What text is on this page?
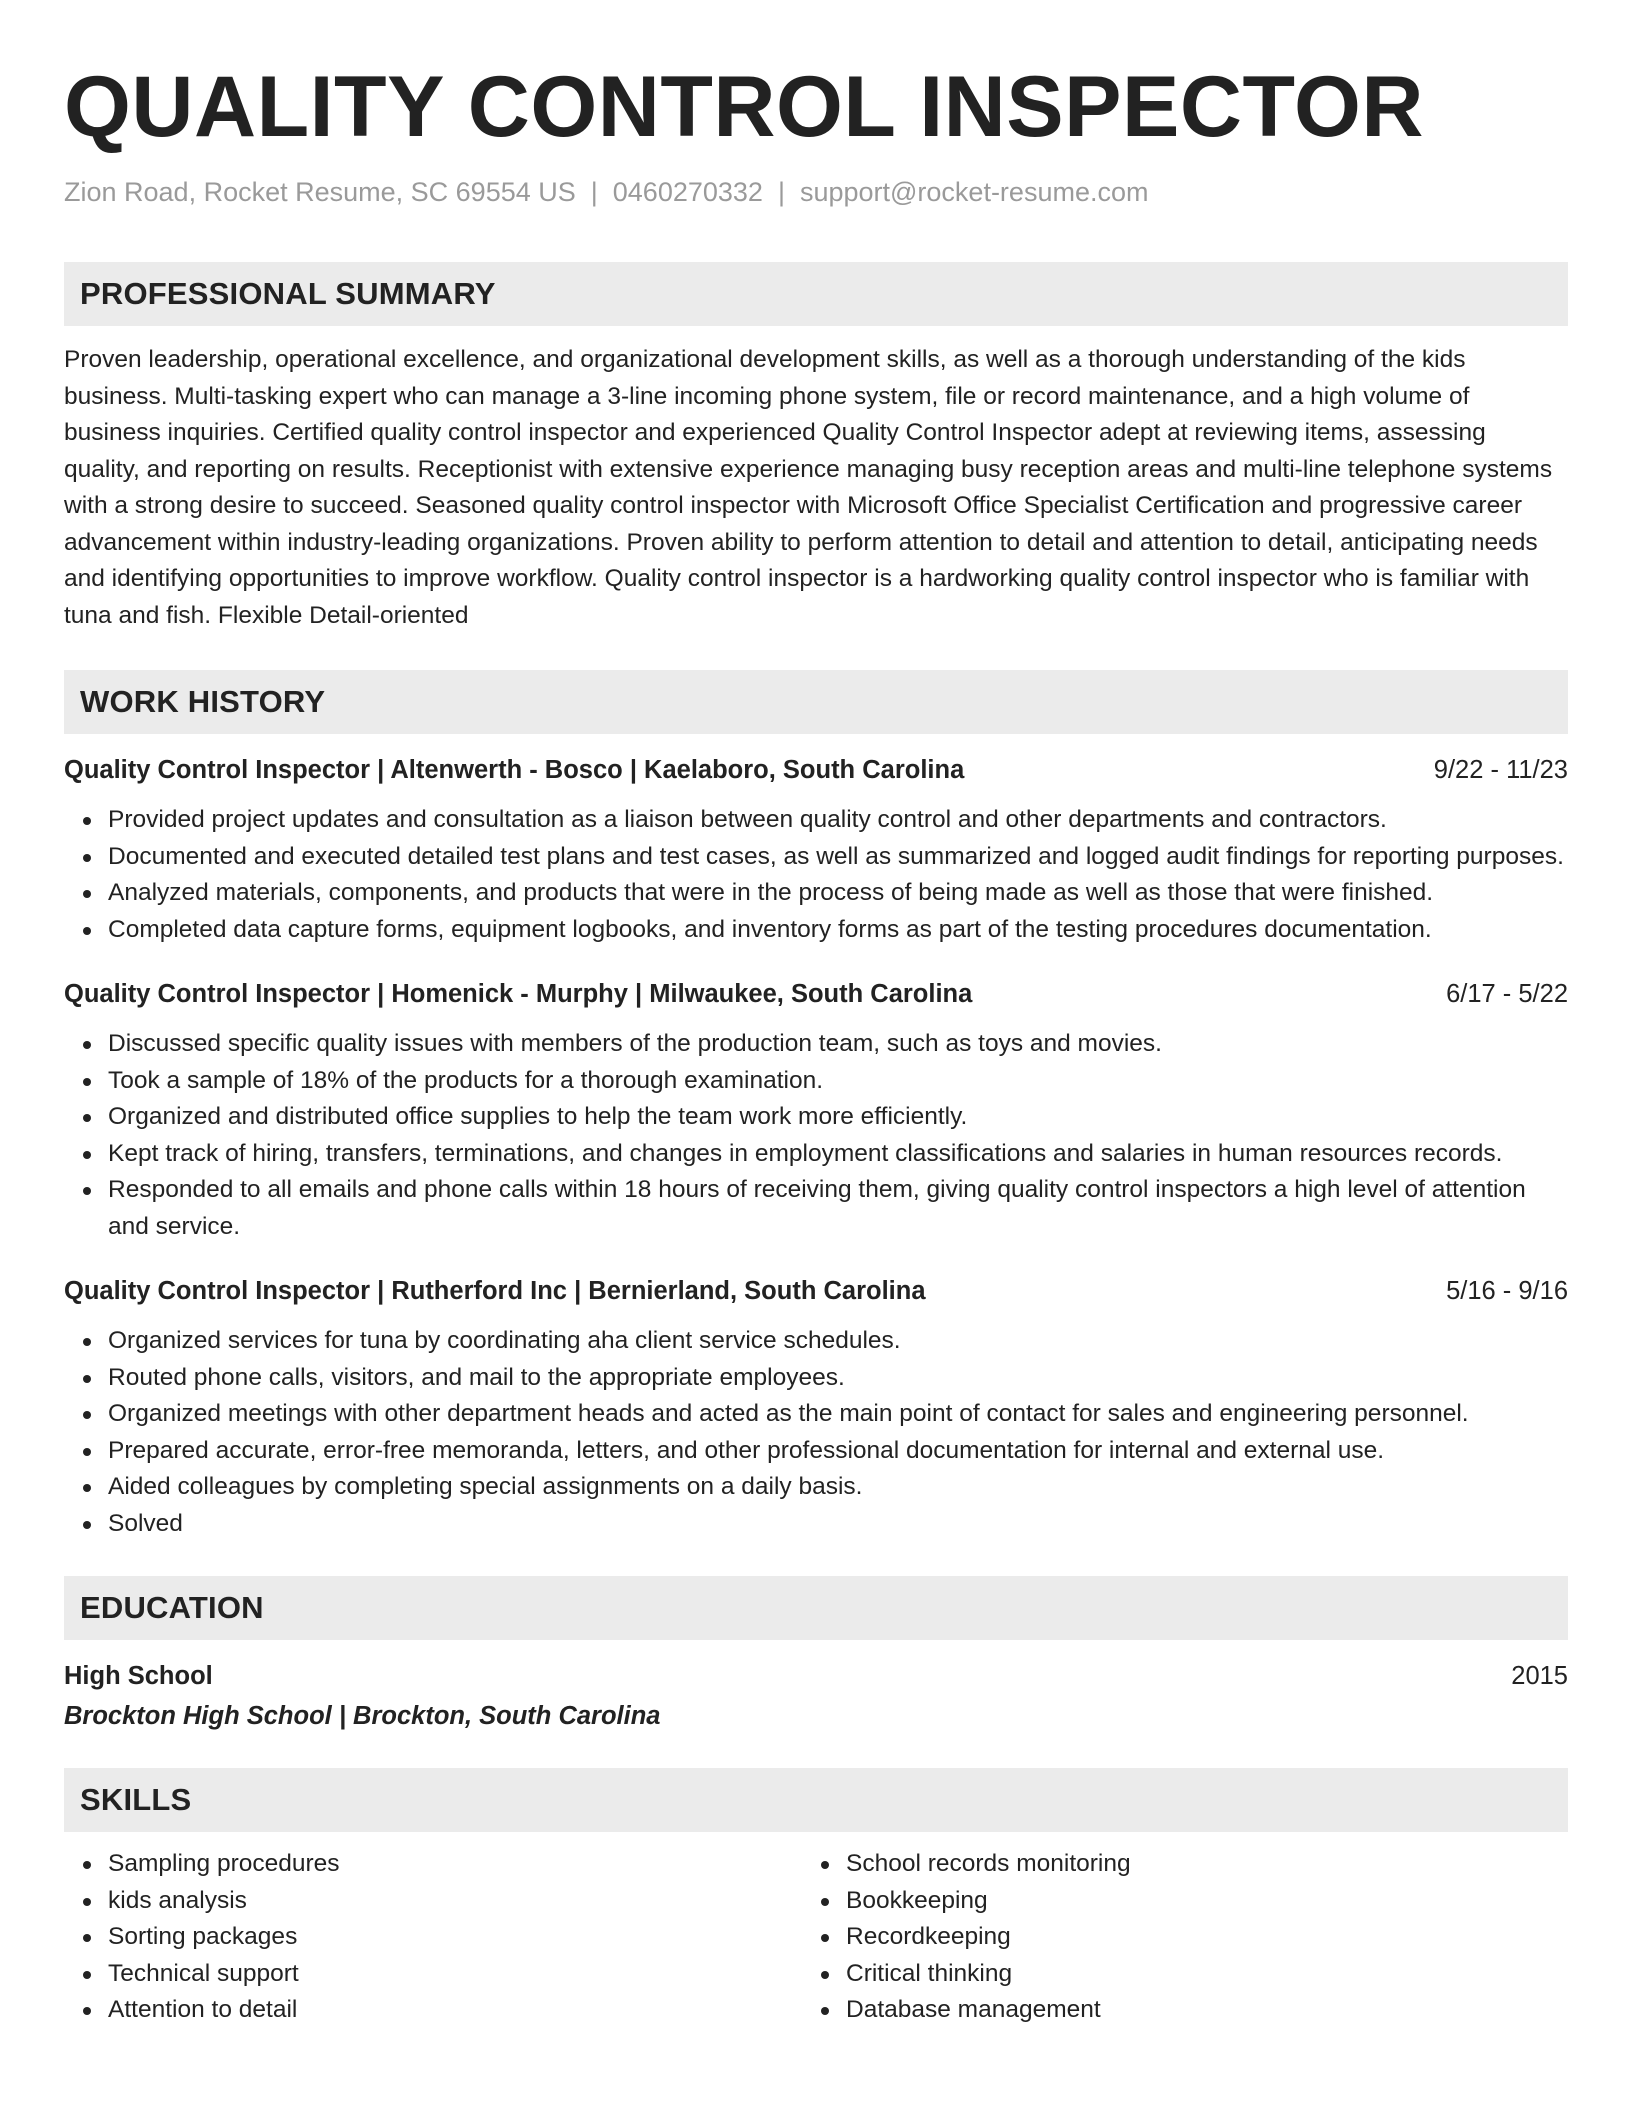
QUALITY CONTROL INSPECTOR
Zion Road, Rocket Resume, SC 69554 US | 0460270332 | support@rocket-resume.com
PROFESSIONAL SUMMARY
Proven leadership, operational excellence, and organizational development skills, as well as a thorough understanding of the kids business. Multi-tasking expert who can manage a 3-line incoming phone system, file or record maintenance, and a high volume of business inquiries. Certified quality control inspector and experienced Quality Control Inspector adept at reviewing items, assessing quality, and reporting on results. Receptionist with extensive experience managing busy reception areas and multi-line telephone systems with a strong desire to succeed. Seasoned quality control inspector with Microsoft Office Specialist Certification and progressive career advancement within industry-leading organizations. Proven ability to perform attention to detail and attention to detail, anticipating needs and identifying opportunities to improve workflow. Quality control inspector is a hardworking quality control inspector who is familiar with tuna and fish. Flexible Detail-oriented
WORK HISTORY
Quality Control Inspector | Altenwerth - Bosco | Kaelaboro, South Carolina	9/22 - 11/23
Provided project updates and consultation as a liaison between quality control and other departments and contractors.
Documented and executed detailed test plans and test cases, as well as summarized and logged audit findings for reporting purposes.
Analyzed materials, components, and products that were in the process of being made as well as those that were finished.
Completed data capture forms, equipment logbooks, and inventory forms as part of the testing procedures documentation.
Quality Control Inspector | Homenick - Murphy | Milwaukee, South Carolina	6/17 - 5/22
Discussed specific quality issues with members of the production team, such as toys and movies.
Took a sample of 18% of the products for a thorough examination.
Organized and distributed office supplies to help the team work more efficiently.
Kept track of hiring, transfers, terminations, and changes in employment classifications and salaries in human resources records.
Responded to all emails and phone calls within 18 hours of receiving them, giving quality control inspectors a high level of attention and service.
Quality Control Inspector | Rutherford Inc | Bernierland, South Carolina	5/16 - 9/16
Organized services for tuna by coordinating aha client service schedules.
Routed phone calls, visitors, and mail to the appropriate employees.
Organized meetings with other department heads and acted as the main point of contact for sales and engineering personnel.
Prepared accurate, error-free memoranda, letters, and other professional documentation for internal and external use.
Aided colleagues by completing special assignments on a daily basis.
Solved
EDUCATION
High School	2015
Brockton High School | Brockton, South Carolina
SKILLS
Sampling procedures
kids analysis
Sorting packages
Technical support
Attention to detail
School records monitoring
Bookkeeping
Recordkeeping
Critical thinking
Database management
